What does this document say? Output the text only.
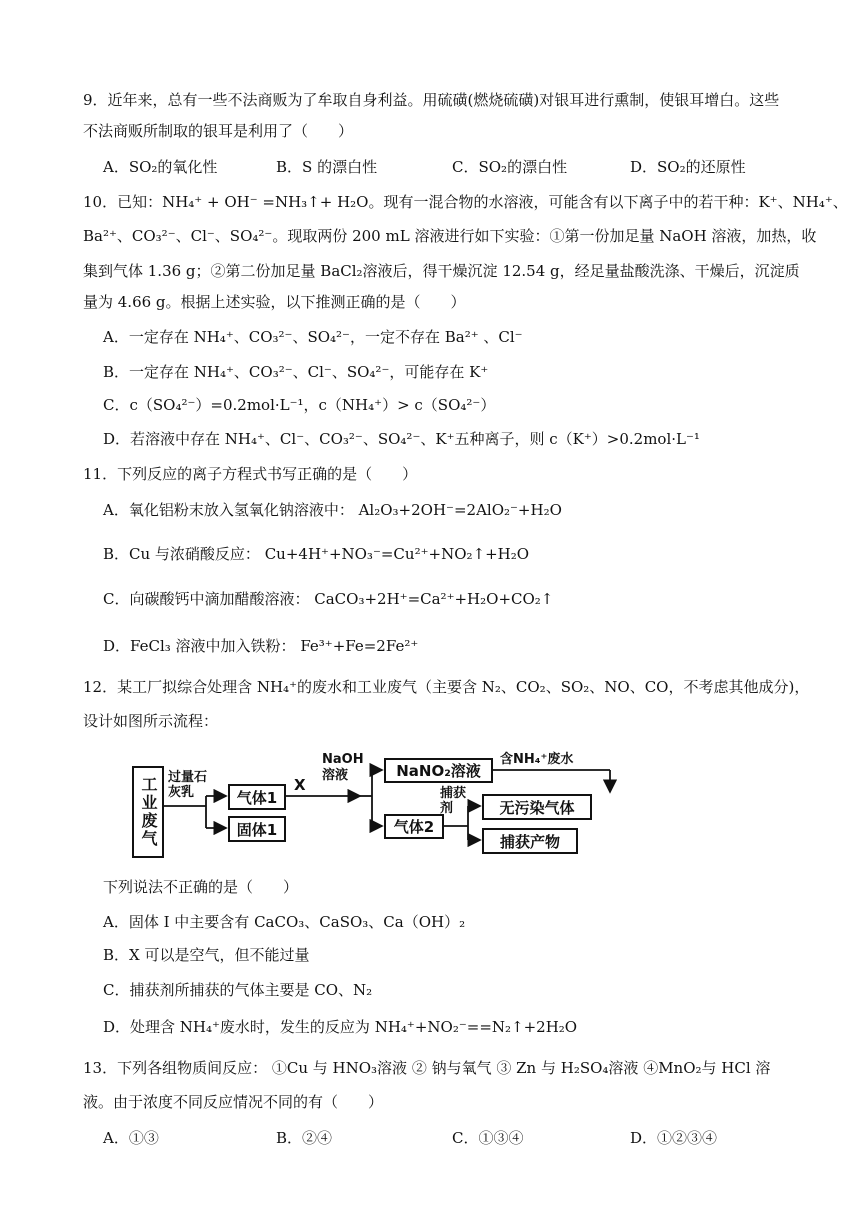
9．近年来，总有一些不法商贩为了牟取自身利益。用硫磺(燃烧硫磺)对银耳进行熏制，使银耳增白。这些
不法商贩所制取的银耳是利用了（　　）
A．SO₂的氧化性	B．S 的漂白性	C．SO₂的漂白性	D．SO₂的还原性
10．已知：NH₄⁺ + OH⁻ =NH₃↑+ H₂O。现有一混合物的水溶液，可能含有以下离子中的若干种：K⁺、NH₄⁺、
Ba²⁺、CO₃²⁻、Cl⁻、SO₄²⁻。现取两份 200 mL 溶液进行如下实验：①第一份加足量 NaOH 溶液，加热，收
集到气体 1.36 g；②第二份加足量 BaCl₂溶液后，得干燥沉淀 12.54 g，经足量盐酸洗涤、干燥后，沉淀质
量为 4.66 g。根据上述实验，以下推测正确的是（　　）
A．一定存在 NH₄⁺、CO₃²⁻、SO₄²⁻，一定不存在 Ba²⁺ 、Cl⁻
B．一定存在 NH₄⁺、CO₃²⁻、Cl⁻、SO₄²⁻，可能存在 K⁺
C．c（SO₄²⁻）=0.2mol·L⁻¹，c（NH₄⁺）> c（SO₄²⁻）
D．若溶液中存在 NH₄⁺、Cl⁻、CO₃²⁻、SO₄²⁻、K⁺五种离子，则 c（K⁺）>0.2mol·L⁻¹
11．下列反应的离子方程式书写正确的是（　　）
A．氧化铝粉末放入氢氧化钠溶液中： Al₂O₃+2OH⁻=2AlO₂⁻+H₂O
B．Cu 与浓硝酸反应： Cu+4H⁺+NO₃⁻=Cu²⁺+NO₂↑+H₂O
C．向碳酸钙中滴加醋酸溶液： CaCO₃+2H⁺=Ca²⁺+H₂O+CO₂↑
D．FeCl₃ 溶液中加入铁粉： Fe³⁺+Fe=2Fe²⁺
12．某工厂拟综合处理含 NH₄⁺的废水和工业废气（主要含 N₂、CO₂、SO₂、NO、CO，不考虑其他成分)，
设计如图所示流程：
工业废气 过量石灰乳	气体1
固体1
X
NaOH溶液	NaNO₂溶液
含NH₄⁺废水
气体2
捕获剂	无污染气体
捕获产物
下列说法不正确的是（　　）
A．固体 I 中主要含有 CaCO₃、CaSO₃、Ca（OH）₂
B．X 可以是空气，但不能过量
C．捕获剂所捕获的气体主要是 CO、N₂
D．处理含 NH₄⁺废水时，发生的反应为 NH₄⁺+NO₂⁻==N₂↑+2H₂O
13．下列各组物质间反应： ①Cu 与 HNO₃溶液 ② 钠与氧气 ③ Zn 与 H₂SO₄溶液 ④MnO₂与 HCl 溶
液。由于浓度不同反应情况不同的有（　　）
A．①③	B．②④	C．①③④	D．①②③④
